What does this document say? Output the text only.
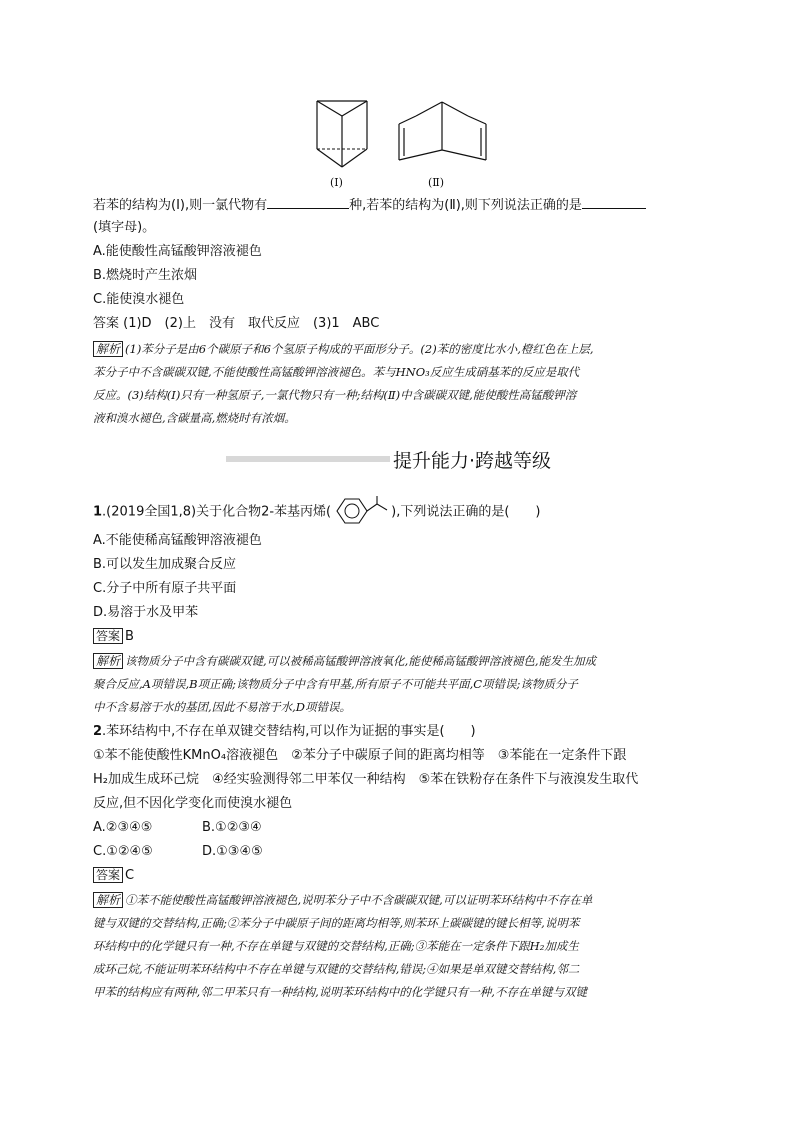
(Ⅰ)	(Ⅱ)
若苯的结构为(Ⅰ),则一氯代物有	种,若苯的结构为(Ⅱ),则下列说法正确的是
(填字母)。
A.能使酸性高锰酸钾溶液褪色
B.燃烧时产生浓烟
C.能使溴水褪色
答案 (1)D　(2)上　没有　取代反应　(3)1　ABC
解析 (1)苯分子是由6个碳原子和6个氢原子构成的平面形分子。(2)苯的密度比水小,橙红色在上层,
苯分子中不含碳碳双键,不能使酸性高锰酸钾溶液褪色。苯与HNO₃反应生成硝基苯的反应是取代
反应。(3)结构(Ⅰ)只有一种氢原子,一氯代物只有一种;结构(Ⅱ)中含碳碳双键,能使酸性高锰酸钾溶
液和溴水褪色,含碳量高,燃烧时有浓烟。
提升能力·跨越等级
1.(2019全国1,8)关于化合物2-苯基丙烯(	),下列说法正确的是(　　)
A.不能使稀高锰酸钾溶液褪色
B.可以发生加成聚合反应
C.分子中所有原子共平面
D.易溶于水及甲苯
答案 B
解析 该物质分子中含有碳碳双键,可以被稀高锰酸钾溶液氧化,能使稀高锰酸钾溶液褪色,能发生加成
聚合反应,A项错误,B项正确;该物质分子中含有甲基,所有原子不可能共平面,C项错误;该物质分子
中不含易溶于水的基团,因此不易溶于水,D项错误。
2.苯环结构中,不存在单双键交替结构,可以作为证据的事实是(　　)
①苯不能使酸性KMnO₄溶液褪色　②苯分子中碳原子间的距离均相等　③苯能在一定条件下跟
H₂加成生成环己烷　④经实验测得邻二甲苯仅一种结构　⑤苯在铁粉存在条件下与液溴发生取代
反应,但不因化学变化而使溴水褪色
A.②③④⑤	B.①②③④
C.①②④⑤	D.①③④⑤
答案 C
解析 ①苯不能使酸性高锰酸钾溶液褪色,说明苯分子中不含碳碳双键,可以证明苯环结构中不存在单
键与双键的交替结构,正确;②苯分子中碳原子间的距离均相等,则苯环上碳碳键的键长相等,说明苯
环结构中的化学键只有一种,不存在单键与双键的交替结构,正确;③苯能在一定条件下跟H₂加成生
成环己烷,不能证明苯环结构中不存在单键与双键的交替结构,错误;④如果是单双键交替结构,邻二
甲苯的结构应有两种,邻二甲苯只有一种结构,说明苯环结构中的化学键只有一种,不存在单键与双键
